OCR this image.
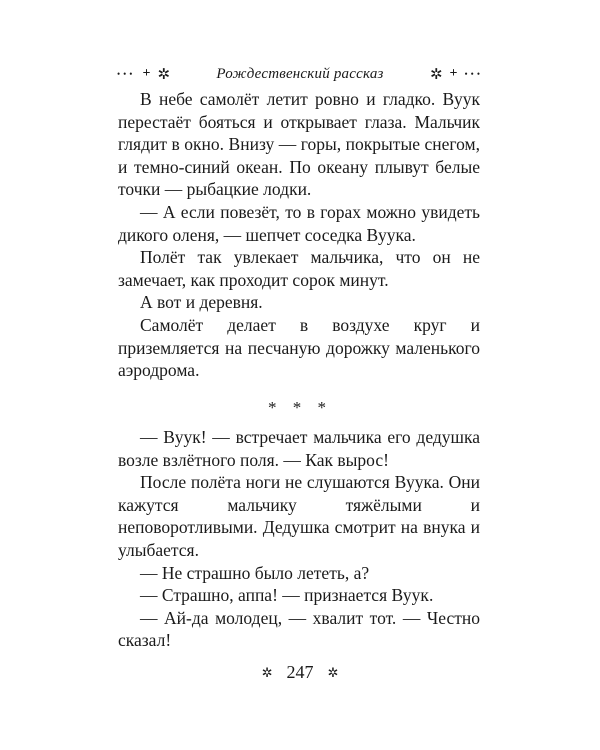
••• + ✲	Рождественский рассказ	✲ + •••

В небе самолёт летит ровно и гладко. Вуук перестаёт бояться и открывает глаза. Мальчик глядит в окно. Внизу — горы, покрытые снегом, и темно-синий океан. По океану плывут белые точки — рыбацкие лодки.

— А если повезёт, то в горах можно увидеть дикого оленя, — шепчет соседка Вуука.

Полёт так увлекает мальчика, что он не замечает, как проходит сорок минут.

А вот и деревня.

Самолёт делает в воздухе круг и приземляется на песчаную дорожку маленького аэродрома.

* * *

— Вуук! — встречает мальчика его дедушка возле взлётного поля. — Как вырос!

После полёта ноги не слушаются Вуука. Они кажутся мальчику тяжёлыми и неповоротливыми. Дедушка смотрит на внука и улыбается.

— Не страшно было лететь, а?

— Страшно, аппа! — признается Вуук.

— Ай-да молодец, — хвалит тот. — Честно сказал!

✲ 247 ✲
